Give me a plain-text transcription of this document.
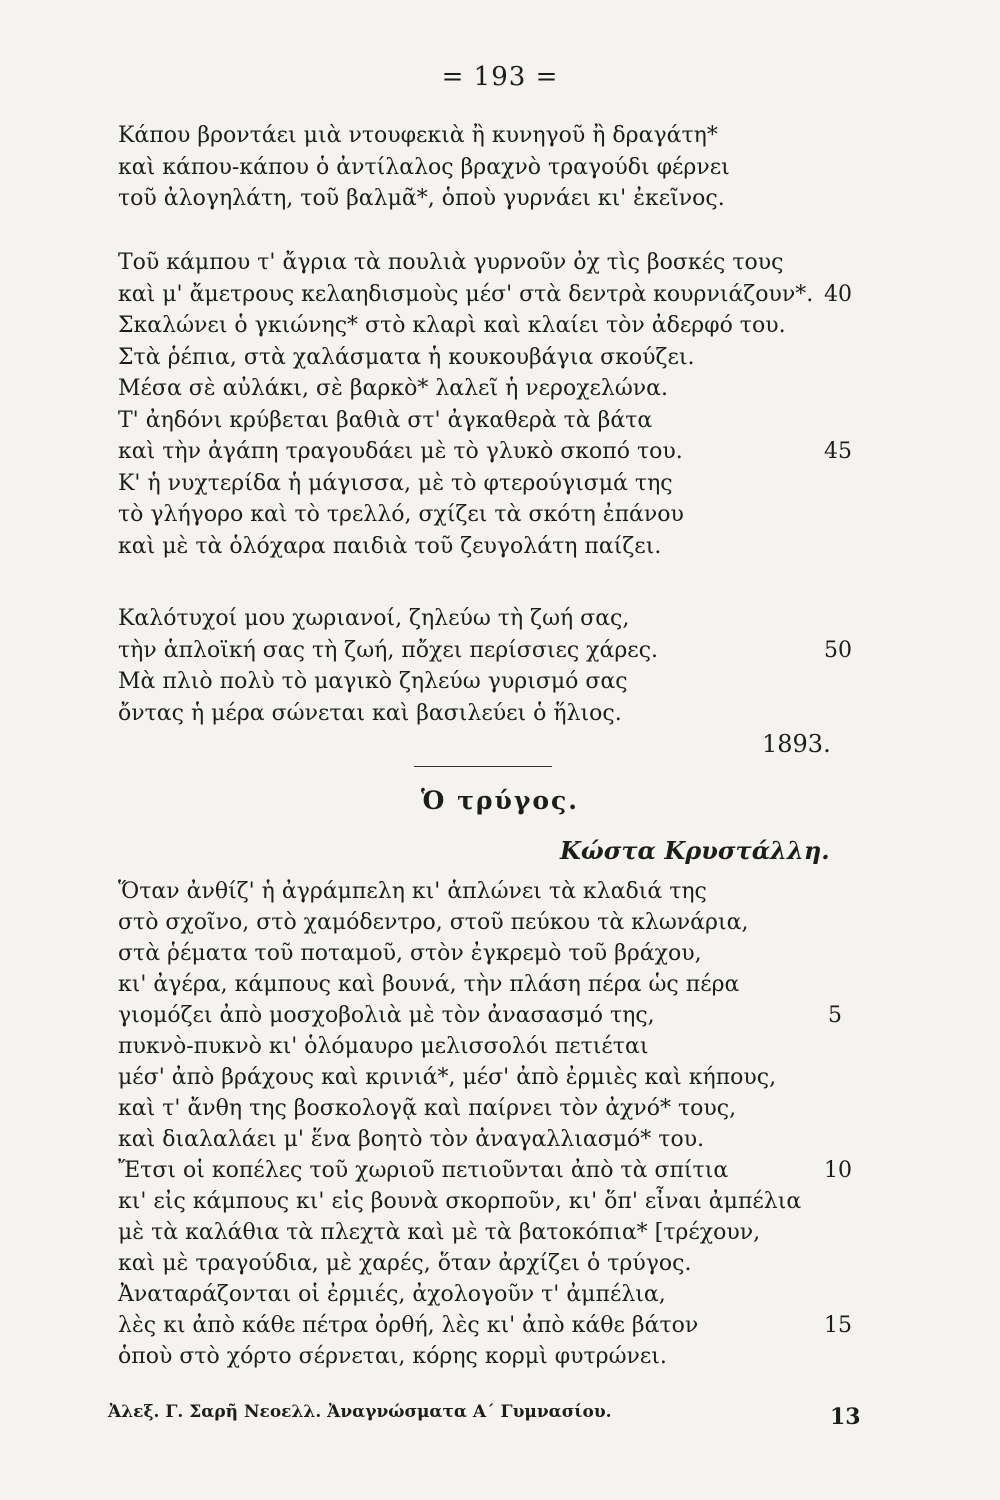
= 193 =
Κάπου βροντάει μιὰ ντουφεκιὰ ἢ κυνηγοῦ ἢ δραγάτη*
καὶ κάπου-κάπου ὁ ἀντίλαλος βραχνὸ τραγούδι φέρνει
τοῦ ἀλογηλάτη, τοῦ βαλμᾶ*, ὁποὺ γυρνάει κι' ἐκεῖνος.
Τοῦ κάμπου τ' ἄγρια τὰ πουλιὰ γυρνοῦν ὀχ τὶς βοσκές τους
καὶ μ' ἄμετρους κελαηδισμοὺς μέσ' στὰ δεντρὰ κουρνιάζουν*. 40
Σκαλώνει ὁ γκιώνης* στὸ κλαρὶ καὶ κλαίει τὸν ἀδερφό του.
Στὰ ῥέπια, στὰ χαλάσματα ἡ κουκουβάγια σκούζει.
Μέσα σὲ αὐλάκι, σὲ βαρκὸ* λαλεῖ ἡ νεροχελώνα.
Τ' ἀηδόνι κρύβεται βαθιὰ στ' ἀγκαθερὰ τὰ βάτα
καὶ τὴν ἀγάπη τραγουδάει μὲ τὸ γλυκὸ σκοπό του.	45
Κ' ἡ νυχτερίδα ἡ μάγισσα, μὲ τὸ φτερούγισμά της
τὸ γλήγορο καὶ τὸ τρελλό, σχίζει τὰ σκότη ἐπάνου
καὶ μὲ τὰ ὁλόχαρα παιδιὰ τοῦ ζευγολάτη παίζει.
Καλότυχοί μου χωριανοί, ζηλεύω τὴ ζωή σας,
τὴν ἁπλοϊκή σας τὴ ζωή, πὄχει περίσσιες χάρες.	50
Μὰ πλιὸ πολὺ τὸ μαγικὸ ζηλεύω γυρισμό σας
ὄντας ἡ μέρα σώνεται καὶ βασιλεύει ὁ ἥλιος.
1893.
Ὁ τρύγος.
Κώστα Κρυστάλλη.
Ὅταν ἀνθίζ' ἡ ἀγράμπελη κι' ἁπλώνει τὰ κλαδιά της
στὸ σχοῖνο, στὸ χαμόδεντρο, στοῦ πεύκου τὰ κλωνάρια,
στὰ ῥέματα τοῦ ποταμοῦ, στὸν ἐγκρεμὸ τοῦ βράχου,
κι' ἀγέρα, κάμπους καὶ βουνά, τὴν πλάση πέρα ὡς πέρα
γιομόζει ἀπὸ μοσχοβολιὰ μὲ τὸν ἀνασασμό της,	5
πυκνὸ-πυκνὸ κι' ὁλόμαυρο μελισσολόι πετιέται
μέσ' ἀπὸ βράχους καὶ κρινιά*, μέσ' ἀπὸ ἐρμιὲς καὶ κήπους,
καὶ τ' ἄνθη της βοσκολογᾷ καὶ παίρνει τὸν ἀχνό* τους,
καὶ διαλαλάει μ' ἕνα βοητὸ τὸν ἀναγαλλιασμό* του.
Ἔτσι οἱ κοπέλες τοῦ χωριοῦ πετιοῦνται ἀπὸ τὰ σπίτια	10
κι' εἰς κάμπους κι' εἰς βουνὰ σκορποῦν, κι' ὅπ' εἶναι ἀμπέλια
μὲ τὰ καλάθια τὰ πλεχτὰ καὶ μὲ τὰ βατοκόπια* [τρέχουν,
καὶ μὲ τραγούδια, μὲ χαρές, ὅταν ἀρχίζει ὁ τρύγος.
Ἀναταράζονται οἱ ἐρμιές, ἀχολογοῦν τ' ἀμπέλια,
λὲς κι ἀπὸ κάθε πέτρα ὀρθή, λὲς κι' ἀπὸ κάθε βάτον	15
ὁποὺ στὸ χόρτο σέρνεται, κόρης κορμὶ φυτρώνει.
Ἀλεξ. Γ. Σαρῆ Νεοελλ. Ἀναγνώσματα Α΄ Γυμνασίου.	13
